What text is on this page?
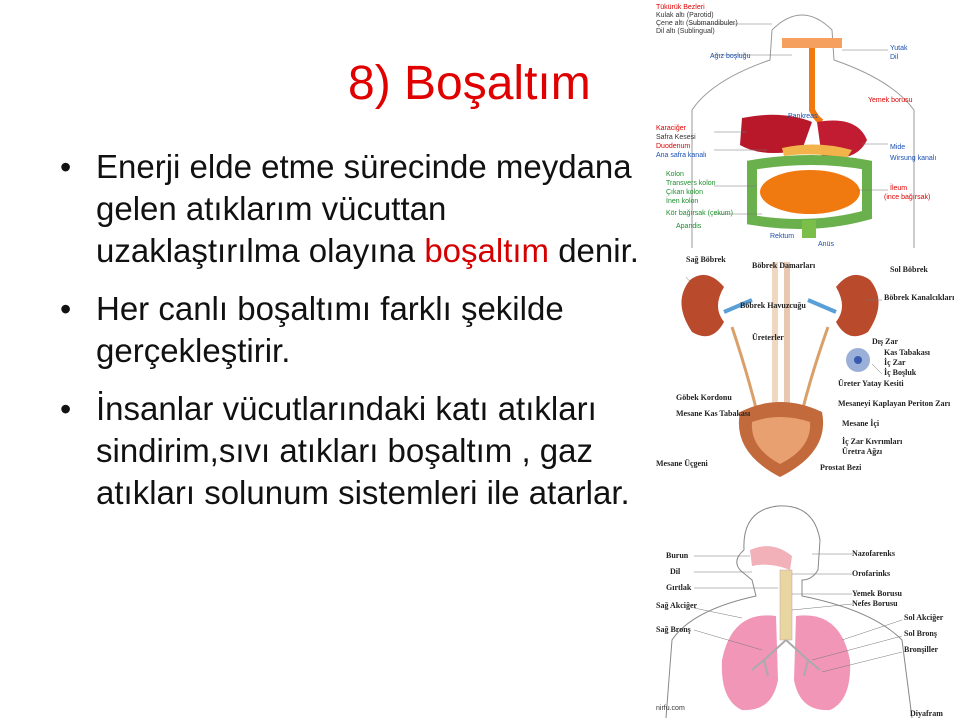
8) Boşaltım
• Enerji elde etme sürecinde meydana gelen atıklarım vücuttan uzaklaştırılma olayına boşaltım denir.
• Her canlı boşaltımı farklı şekilde gerçekleştirir.
• İnsanlar vücutlarındaki katı atıkları sindirim,sıvı atıkları boşaltım , gaz atıkları solunum sistemleri ile atarlar.
Tükürük Bezleri
Kulak altı (Parotid)
Çene altı (Submandibuler)
Dil altı (Sublingual)
Ağız boşluğu
Pankreas
Karaciğer
Safra Kesesi
Duodenum
Ana safra kanalı
Kolon
Transvers kolon
Çıkan kolon
İnen kolon
Kör bağırsak (çekum)
Apandis
Rektum
Anüs
Yutak
Dil
Yemek borusu
Mide
Wirsung kanalı
İleum
(ince bağırsak)
Sağ Böbrek
Böbrek Damarları
Böbrek Havuzcuğu
Üreterler
Sol Böbrek
Böbrek Kanalcıkları
Dış Zar
Kas Tabakası
İç Zar
İç Boşluk
Üreter Yatay Kesiti
Mesaneyi Kaplayan Periton Zarı
Mesane İçi
İç Zar Kıvrımları
Üretra Ağzı
Prostat Bezi
Göbek Kordonu
Mesane Kas Tabakası
Mesane Üçgeni
Burun
Dil
Gırtlak
Sağ Akciğer
Sağ Bronş
Nazofarenks
Orofarinks
Yemek Borusu
Nefes Borusu
Sol Akciğer
Sol Bronş
Bronşiller
Diyafram
nirfu.com
